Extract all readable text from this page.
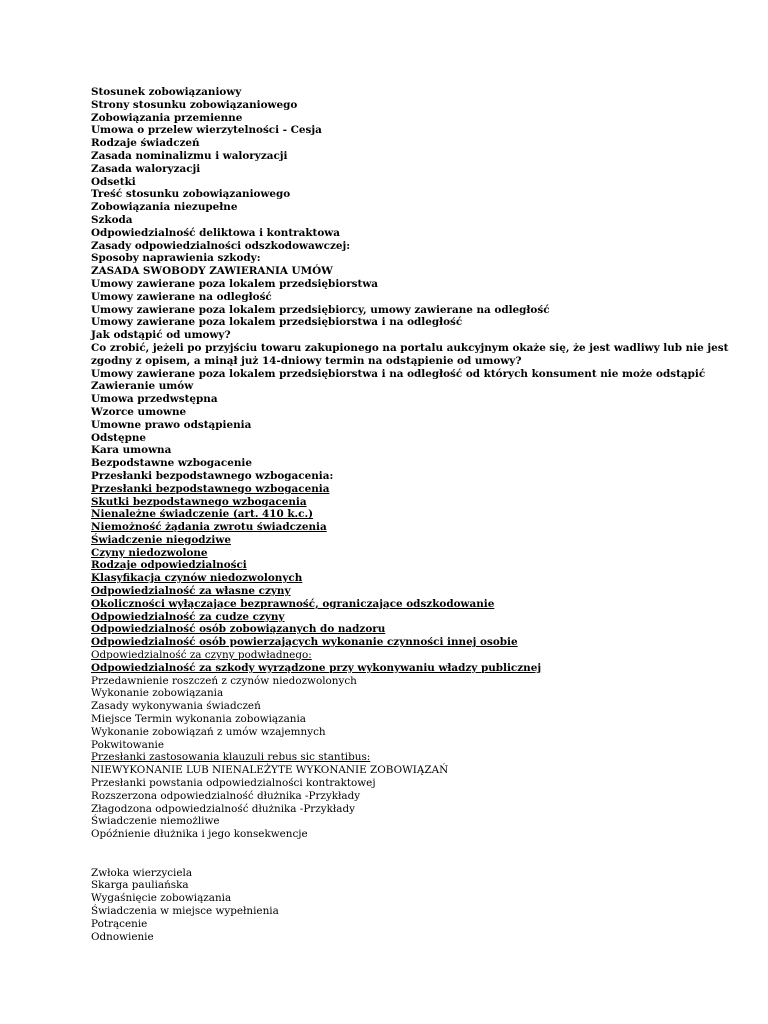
Stosunek zobowiązaniowy
Strony stosunku zobowiązaniowego
Zobowiązania przemienne
Umowa o przelew wierzytelności - Cesja
Rodzaje świadczeń
Zasada nominalizmu i waloryzacji
Zasada waloryzacji
Odsetki
Treść stosunku zobowiązaniowego
Zobowiązania niezupełne
Szkoda
Odpowiedzialność deliktowa i kontraktowa
Zasady odpowiedzialności odszkodowawczej:
Sposoby naprawienia szkody:
ZASADA SWOBODY ZAWIERANIA UMÓW
Umowy zawierane poza lokalem przedsiębiorstwa
Umowy zawierane na odległość
Umowy zawierane poza lokalem przedsiębiorcy, umowy zawierane na odległość
Umowy zawierane poza lokalem przedsiębiorstwa i na odległość
Jak odstąpić od umowy?
Co zrobić, jeżeli po przyjściu towaru zakupionego na portalu aukcyjnym okaże się, że jest wadliwy lub nie jest
zgodny z opisem, a minął już 14-dniowy termin na odstąpienie od umowy?
Umowy zawierane poza lokalem przedsiębiorstwa i na odległość od których konsument nie może odstąpić
Zawieranie umów
Umowa przedwstępna
Wzorce umowne
Umowne prawo odstąpienia
Odstępne
Kara umowna
Bezpodstawne wzbogacenie
Przesłanki bezpodstawnego wzbogacenia:
Przesłanki bezpodstawnego wzbogacenia
Skutki bezpodstawnego wzbogacenia
Nienależne świadczenie (art. 410 k.c.)
Niemożność żądania zwrotu świadczenia
Świadczenie niegodziwe
Czyny niedozwolone
Rodzaje odpowiedzialności
Klasyfikacja czynów niedozwolonych
Odpowiedzialność za własne czyny
Okoliczności wyłączające bezprawność, ograniczające odszkodowanie
Odpowiedzialność za cudze czyny
Odpowiedzialność osób zobowiązanych do nadzoru
Odpowiedzialność osób powierzających wykonanie czynności innej osobie
Odpowiedzialność za czyny podwładnego:
Odpowiedzialność za szkody wyrządzone przy wykonywaniu władzy publicznej
Przedawnienie roszczeń z czynów niedozwolonych
Wykonanie zobowiązania
Zasady wykonywania świadczeń
Miejsce Termin wykonania zobowiązania
Wykonanie zobowiązań z umów wzajemnych
Pokwitowanie
Przesłanki zastosowania klauzuli rebus sic stantibus:
NIEWYKONANIE LUB NIENALEŻYTE WYKONANIE ZOBOWIĄZAŃ
Przesłanki powstania odpowiedzialności kontraktowej
Rozszerzona odpowiedzialność dłużnika -Przykłady
Złagodzona odpowiedzialność dłużnika -Przykłady
Świadczenie niemożliwe
Opóźnienie dłużnika i jego konsekwencje
Zwłoka wierzyciela
Skarga pauliańska
Wygaśnięcie zobowiązania
Świadczenia w miejsce wypełnienia
Potrącenie
Odnowienie
